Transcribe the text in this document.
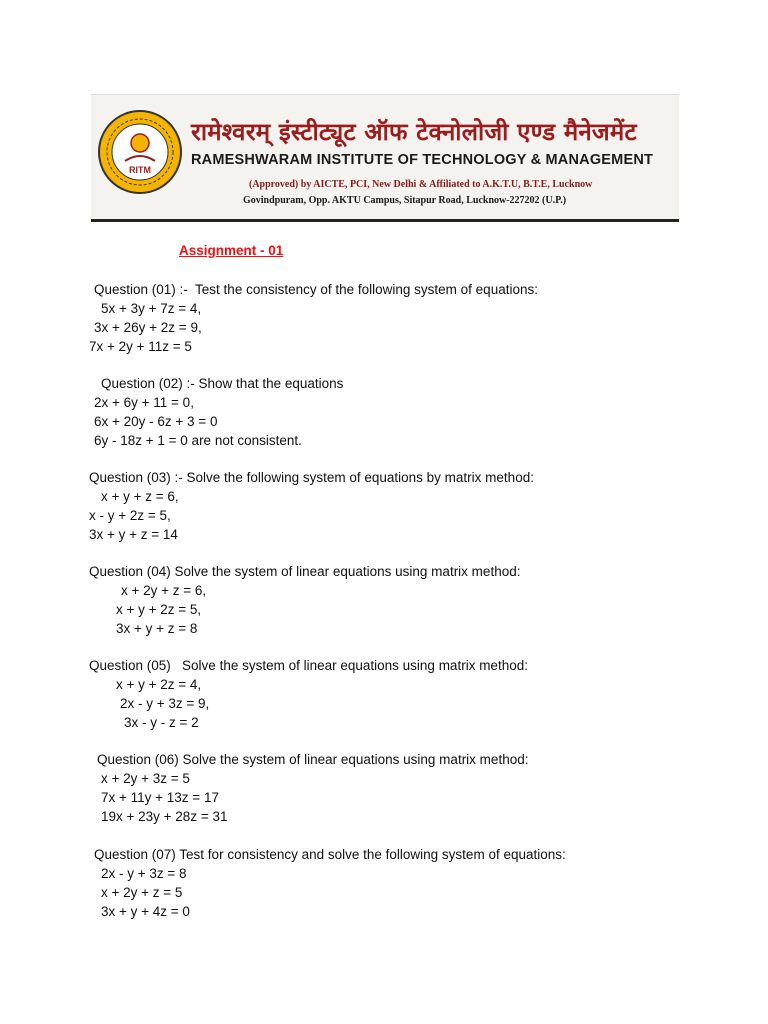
RITM
रामेश्वरम् इंस्टीट्यूट ऑफ टेक्नोलोजी एण्ड मैनेजमेंट
RAMESHWARAM INSTITUTE OF TECHNOLOGY & MANAGEMENT
(Approved) by AICTE, PCI, New Delhi & Affiliated to A.K.T.U, B.T.E, Lucknow
Govindpuram, Opp. AKTU Campus, Sitapur Road, Lucknow-227202 (U.P.)
Assignment - 01
Question (01) :-  Test the consistency of the following system of equations:
5x + 3y + 7z = 4,
3x + 26y + 2z = 9,
7x + 2y + 11z = 5
Question (02) :- Show that the equations
2x + 6y + 11 = 0,
6x + 20y - 6z + 3 = 0
6y - 18z + 1 = 0 are not consistent.
Question (03) :- Solve the following system of equations by matrix method:
x + y + z = 6,
x - y + 2z = 5,
3x + y + z = 14
Question (04) Solve the system of linear equations using matrix method:
x + 2y + z = 6,
x + y + 2z = 5,
3x + y + z = 8
Question (05)   Solve the system of linear equations using matrix method:
x + y + 2z = 4,
2x - y + 3z = 9,
3x - y - z = 2
Question (06) Solve the system of linear equations using matrix method:
x + 2y + 3z = 5
7x + 11y + 13z = 17
19x + 23y + 28z = 31
Question (07) Test for consistency and solve the following system of equations:
2x - y + 3z = 8
x + 2y + z = 5
3x + y + 4z = 0
